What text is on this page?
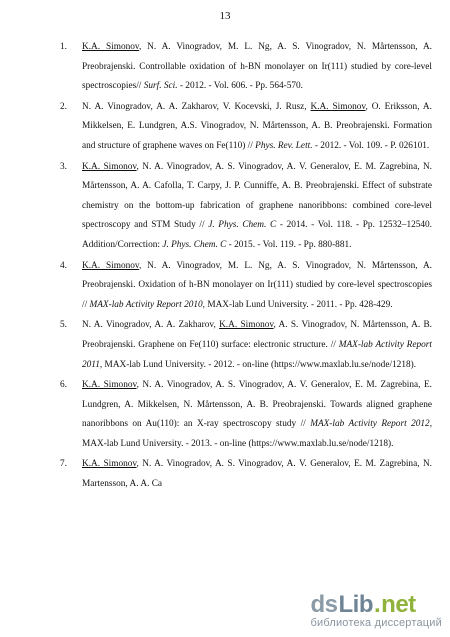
13
1. K.A. Simonov, N. A. Vinogradov, M. L. Ng, A. S. Vinogradov, N. Mårtensson, A. Preobrajenski. Controllable oxidation of h-BN monolayer on Ir(111) studied by core-level spectroscopies// Surf. Sci. - 2012. - Vol. 606. - Pp. 564-570.
2. N. A. Vinogradov, A. A. Zakharov, V. Kocevski, J. Rusz, K.A. Simonov, O. Eriksson, A. Mikkelsen, E. Lundgren, A.S. Vinogradov, N. Mårtensson, A. B. Preobrajenski. Formation and structure of graphene waves on Fe(110) // Phys. Rev. Lett. - 2012. - Vol. 109. - P. 026101.
3. K.A. Simonov, N. A. Vinogradov, A. S. Vinogradov, A. V. Generalov, E. M. Zagrebina, N. Mårtensson, A. A. Cafolla, T. Carpy, J. P. Cunniffe, A. B. Preobrajenski. Effect of substrate chemistry on the bottom-up fabrication of graphene nanoribbons: combined core-level spectroscopy and STM Study // J. Phys. Chem. C - 2014. - Vol. 118. - Pp. 12532–12540. Addition/Correction: J. Phys. Chem. C - 2015. - Vol. 119. - Pp. 880-881.
4. K.A. Simonov, N. A. Vinogradov, M. L. Ng, A. S. Vinogradov, N. Mårtensson, A. Preobrajenski. Oxidation of h-BN monolayer on Ir(111) studied by core-level spectroscopies // MAX-lab Activity Report 2010, MAX-lab Lund University. - 2011. - Pp. 428-429.
5. N. A. Vinogradov, A. A. Zakharov, K.A. Simonov, A. S. Vinogradov, N. Mårtensson, A. B. Preobrajenski. Graphene on Fe(110) surface: electronic structure. // MAX-lab Activity Report 2011, MAX-lab Lund University. - 2012. - on-line (https://www.maxlab.lu.se/node/1218).
6. K.A. Simonov, N. A. Vinogradov, A. S. Vinogradov, A. V. Generalov, E. M. Zagrebina, E. Lundgren, A. Mikkelsen, N. Mårtensson, A. B. Preobrajenski. Towards aligned graphene nanoribbons on Au(110): an X-ray spectroscopy study // MAX-lab Activity Report 2012, MAX-lab Lund University. - 2013. - on-line (https://www.maxlab.lu.se/node/1218).
7. K.A. Simonov, N. A. Vinogradov, A. S. Vinogradov, A. V. Generalov, E. M. Zagrebina, N. Martensson, A. A. Ca
ds Lib . net
библиотека диссертаций
